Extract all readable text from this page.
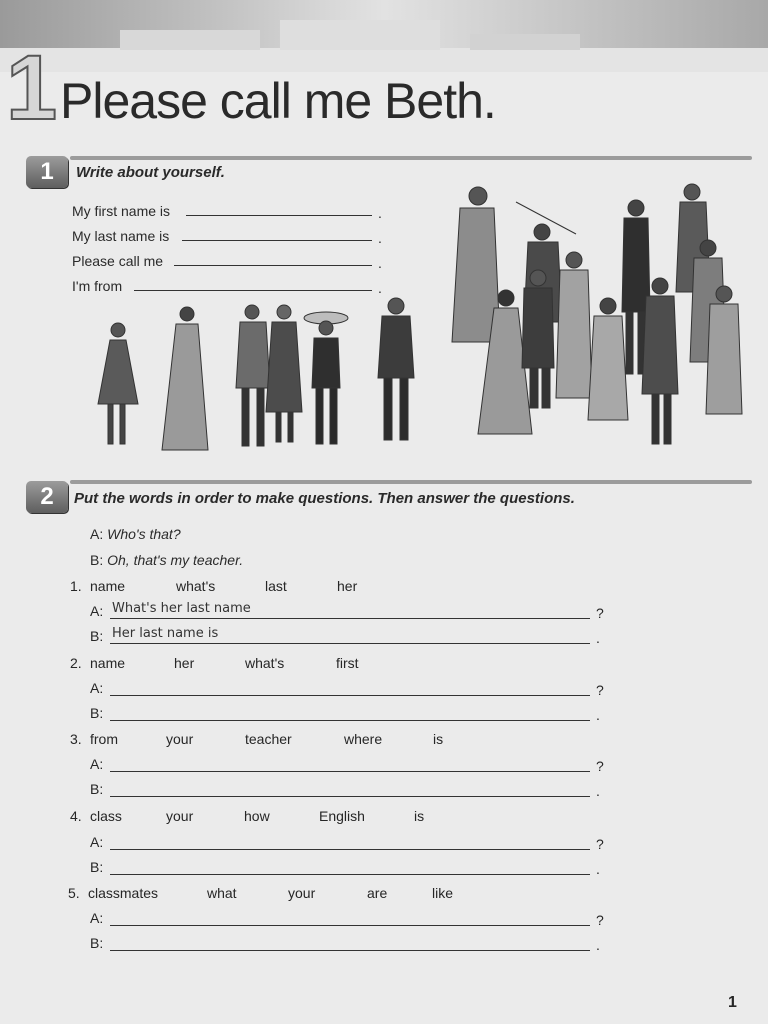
1 Please call me Beth.
1	Write about yourself.
My first name is	.
My last name is	.
Please call me	.
I'm from	.
2	Put the words in order to make questions. Then answer the questions.
A: Who's that?
B: Oh, that's my teacher.
1. name	what's	last	her
A: What's her last name	?
B: Her last name is	.
2. name	her	what's	first
A:	?
B:	.
3. from	your	teacher	where	is
A:	?
B:	.
4. class	your	how	English	is
A:	?
B:	.
5. classmates	what	your	are	like
A:	?
B:	.
1
